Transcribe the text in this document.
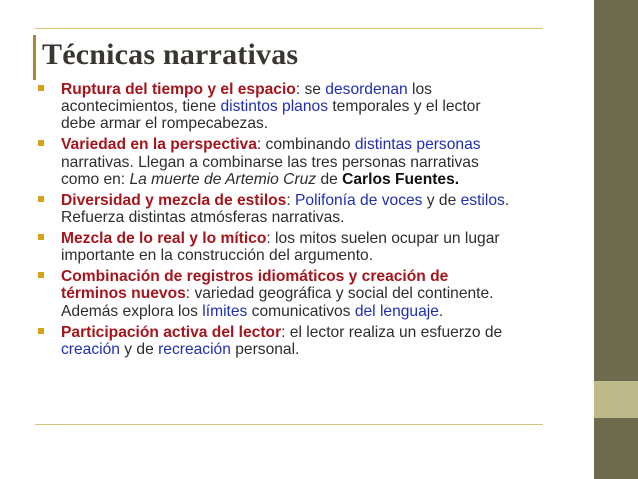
Técnicas narrativas
Ruptura del tiempo y el espacio: se desordenan los acontecimientos, tiene distintos planos temporales y el lector debe armar el rompecabezas.
Variedad en la perspectiva: combinando distintas personas narrativas. Llegan a combinarse las tres personas narrativas como en: La muerte de Artemio Cruz de Carlos Fuentes.
Diversidad y mezcla de estilos: Polifonía de voces y de estilos. Refuerza distintas atmósferas narrativas.
Mezcla de lo real y lo mítico: los mitos suelen ocupar un lugar importante en la construcción del argumento.
Combinación de registros idiomáticos y creación de términos nuevos: variedad geográfica y social del continente. Además explora los límites comunicativos del lenguaje.
Participación activa del lector: el lector realiza un esfuerzo de creación y de recreación personal.
